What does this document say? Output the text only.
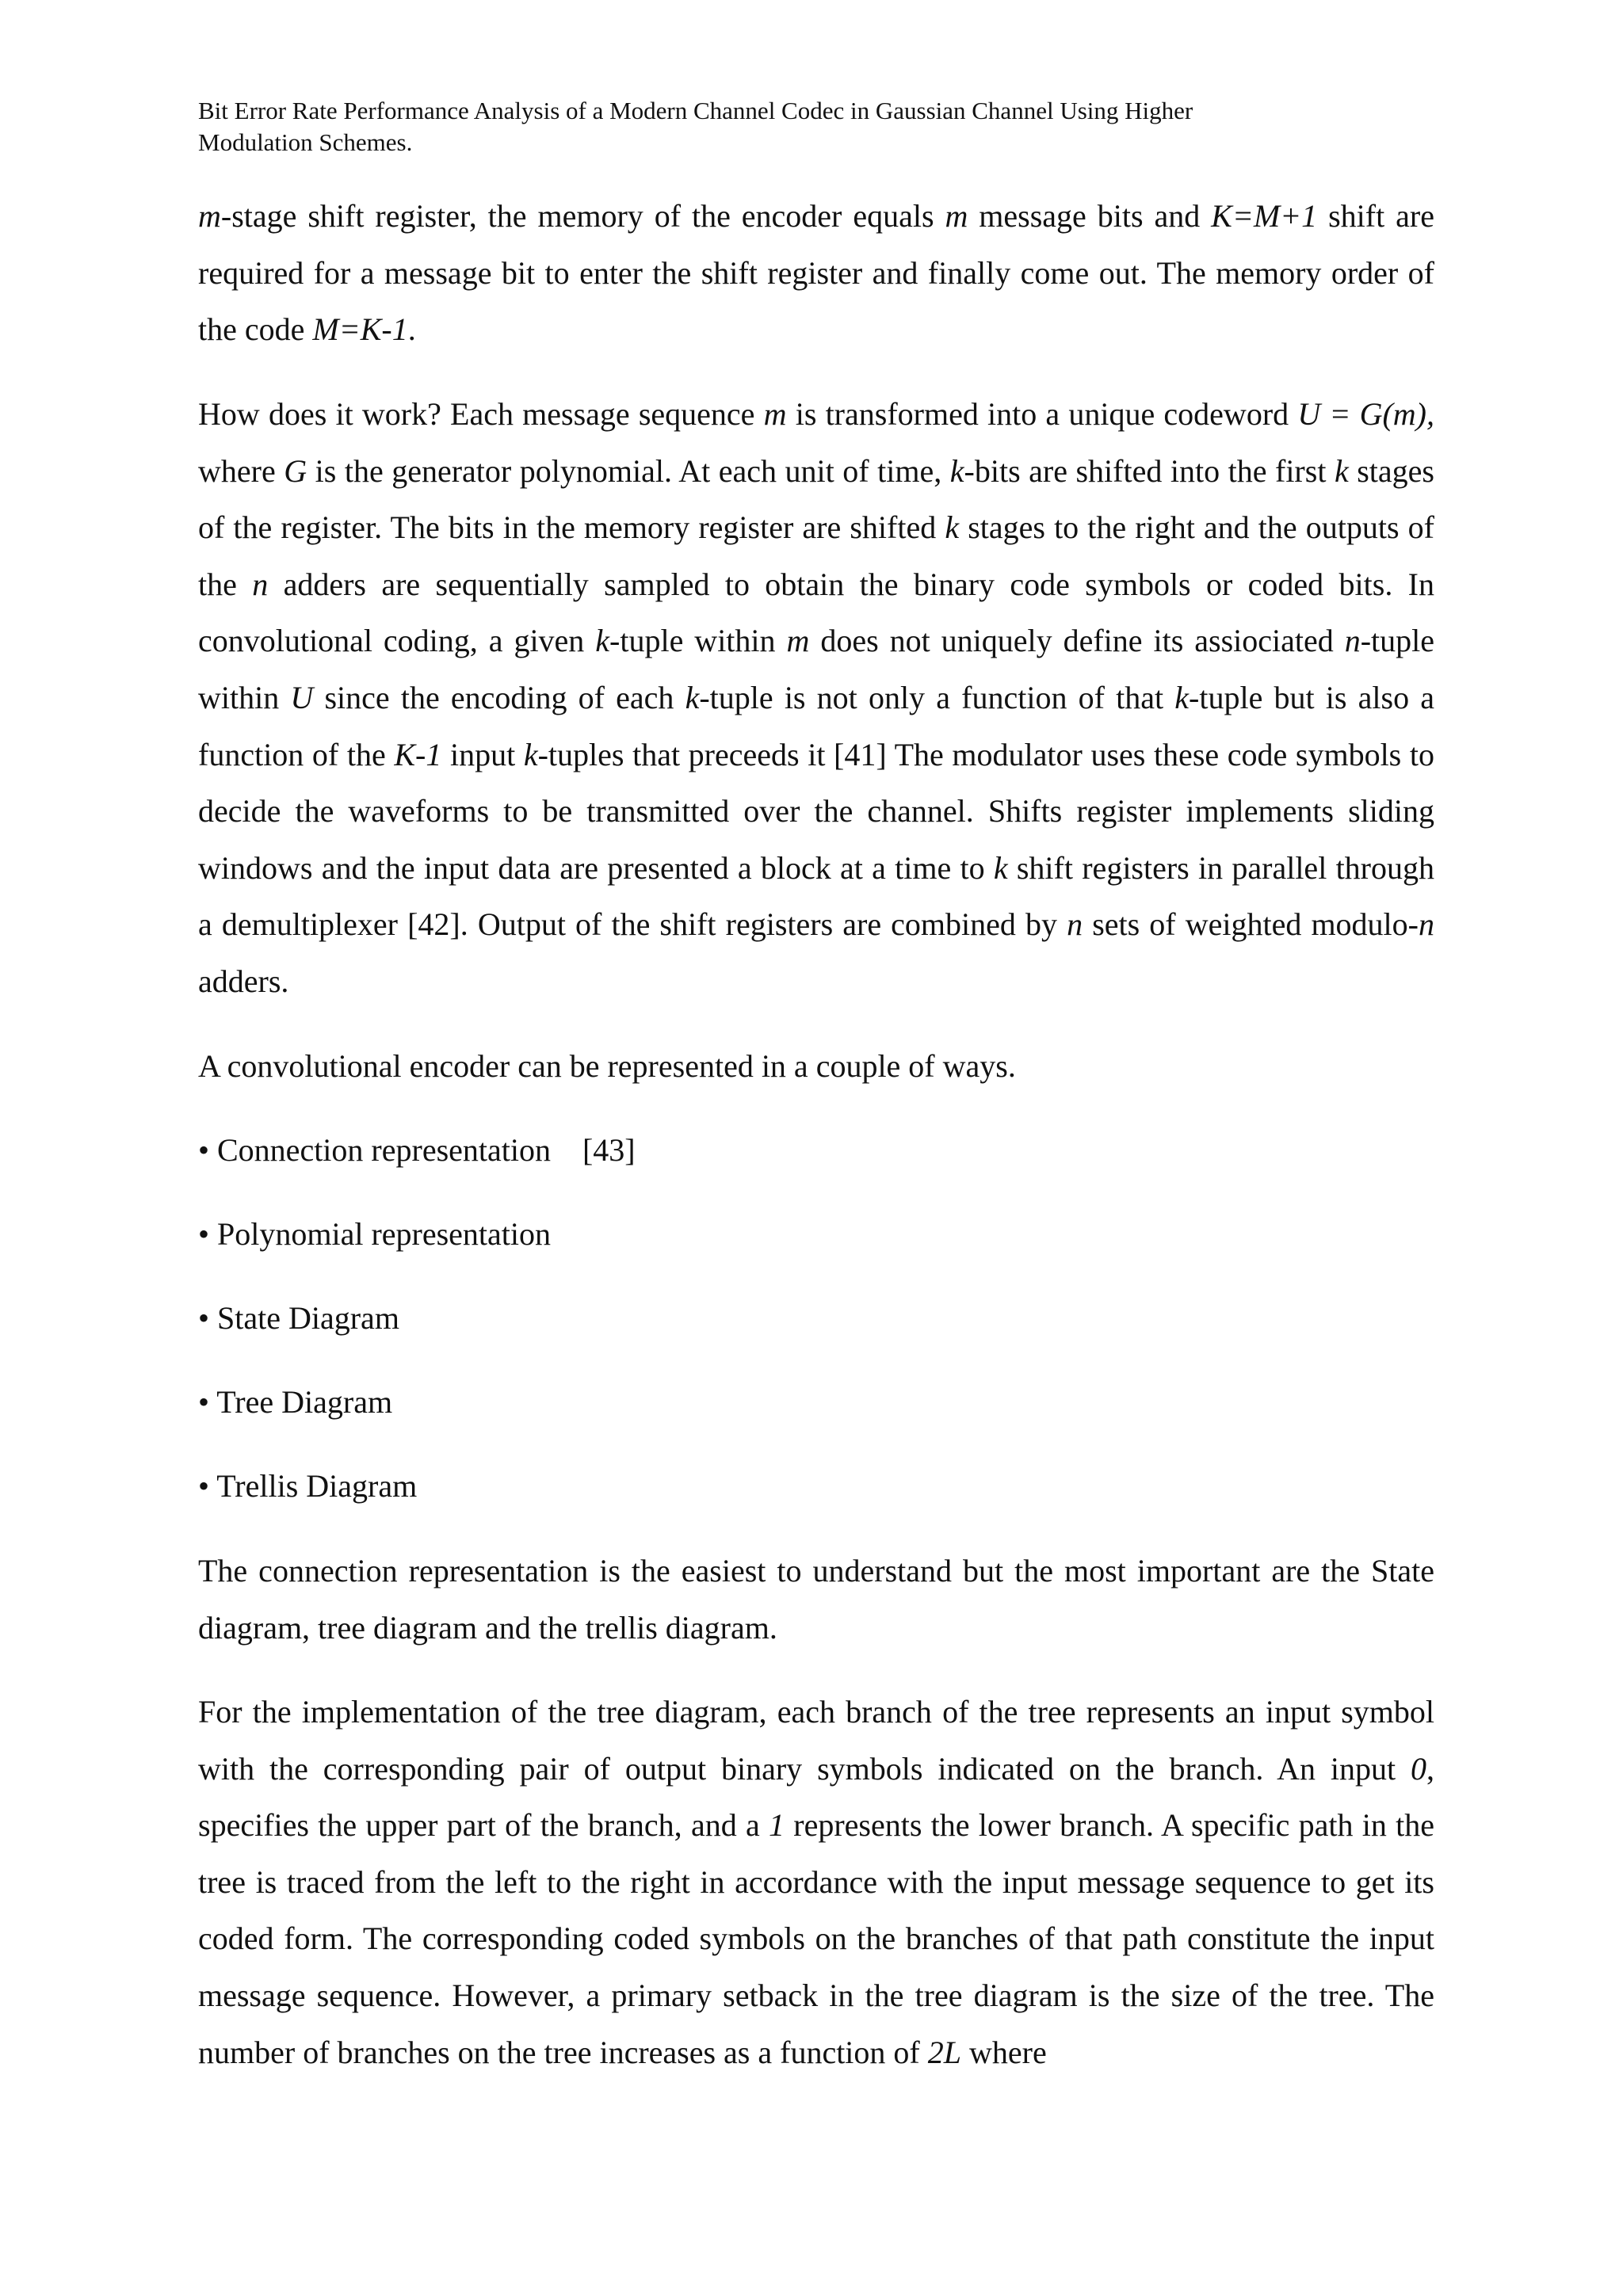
Bit Error Rate Performance Analysis of a Modern Channel Codec in Gaussian Channel Using Higher
Modulation Schemes.

m-stage shift register, the memory of the encoder equals m message bits and K=M+1 shift are required for a message bit to enter the shift register and finally come out. The memory order of the code M=K-1.

How does it work? Each message sequence m is transformed into a unique codeword U = G(m), where G is the generator polynomial. At each unit of time, k-bits are shifted into the first k stages of the register. The bits in the memory register are shifted k stages to the right and the outputs of the n adders are sequentially sampled to obtain the binary code symbols or coded bits. In convolutional coding, a given k-tuple within m does not uniquely define its assiociated n-tuple within U since the encoding of each k-tuple is not only a function of that k-tuple but is also a function of the K-1 input k-tuples that preceeds it [41] The modulator uses these code symbols to decide the waveforms to be transmitted over the channel. Shifts register implements sliding windows and the input data are presented a block at a time to k shift registers in parallel through a demultiplexer [42]. Output of the shift registers are combined by n sets of weighted modulo-n adders.

A convolutional encoder can be represented in a couple of ways.

• Connection representation    [43]

• Polynomial representation

• State Diagram

• Tree Diagram

• Trellis Diagram

The connection representation is the easiest to understand but the most important are the State diagram, tree diagram and the trellis diagram.

For the implementation of the tree diagram, each branch of the tree represents an input symbol with the corresponding pair of output binary symbols indicated on the branch. An input 0, specifies the upper part of the branch, and a 1 represents the lower branch. A specific path in the tree is traced from the left to the right in accordance with the input message sequence to get its coded form. The corresponding coded symbols on the branches of that path constitute the input message sequence. However, a primary setback in the tree diagram is the size of the tree. The number of branches on the tree increases as a function of 2L where
